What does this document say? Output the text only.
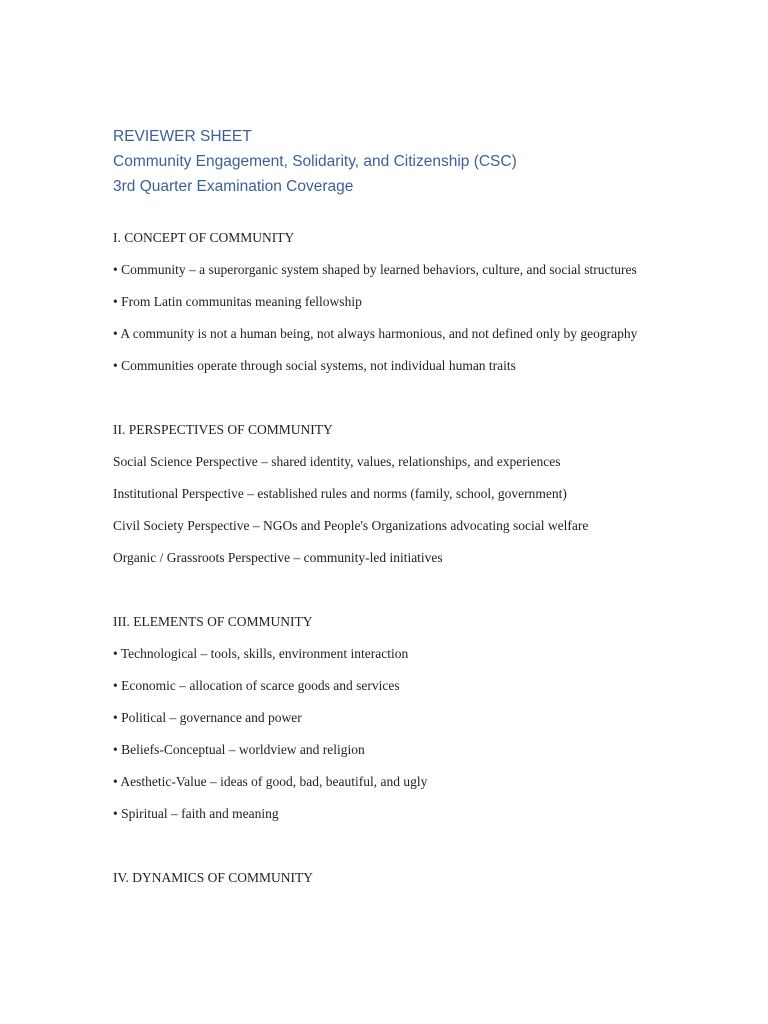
REVIEWER SHEET

Community Engagement, Solidarity, and Citizenship (CSC)

3rd Quarter Examination Coverage

I. CONCEPT OF COMMUNITY

• Community – a superorganic system shaped by learned behaviors, culture, and social structures

• From Latin communitas meaning fellowship

• A community is not a human being, not always harmonious, and not defined only by geography

• Communities operate through social systems, not individual human traits

II. PERSPECTIVES OF COMMUNITY

Social Science Perspective – shared identity, values, relationships, and experiences

Institutional Perspective – established rules and norms (family, school, government)

Civil Society Perspective – NGOs and People's Organizations advocating social welfare

Organic / Grassroots Perspective – community-led initiatives

III. ELEMENTS OF COMMUNITY

• Technological – tools, skills, environment interaction

• Economic – allocation of scarce goods and services

• Political – governance and power

• Beliefs-Conceptual – worldview and religion

• Aesthetic-Value – ideas of good, bad, beautiful, and ugly

• Spiritual – faith and meaning

IV. DYNAMICS OF COMMUNITY
